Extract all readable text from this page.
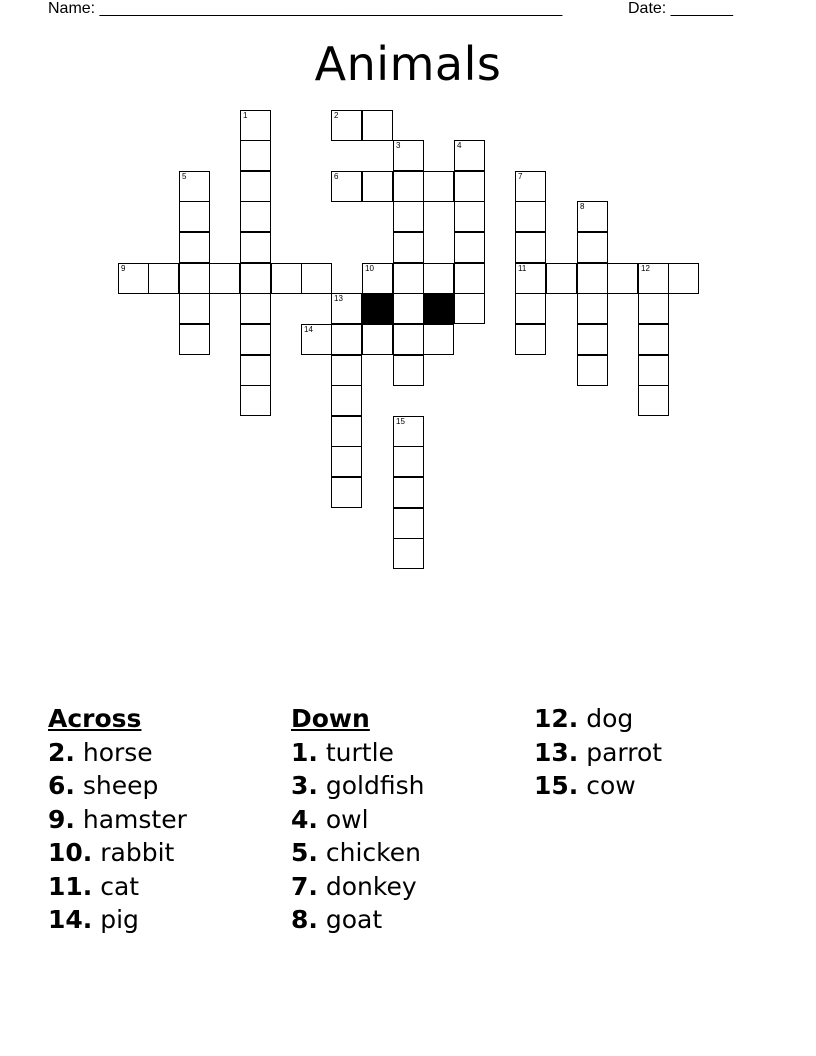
Name: ____________________________________________________	Date: _______
Animals
1	2
3	4
5	6	7
11
8
9	10	12
13
14
15
Across
2. horse
6. sheep
9. hamster
10. rabbit
11. cat
14. pig
Down
1. turtle
3. goldfish
4. owl
5. chicken
7. donkey
8. goat
12. dog
13. parrot
15. cow
